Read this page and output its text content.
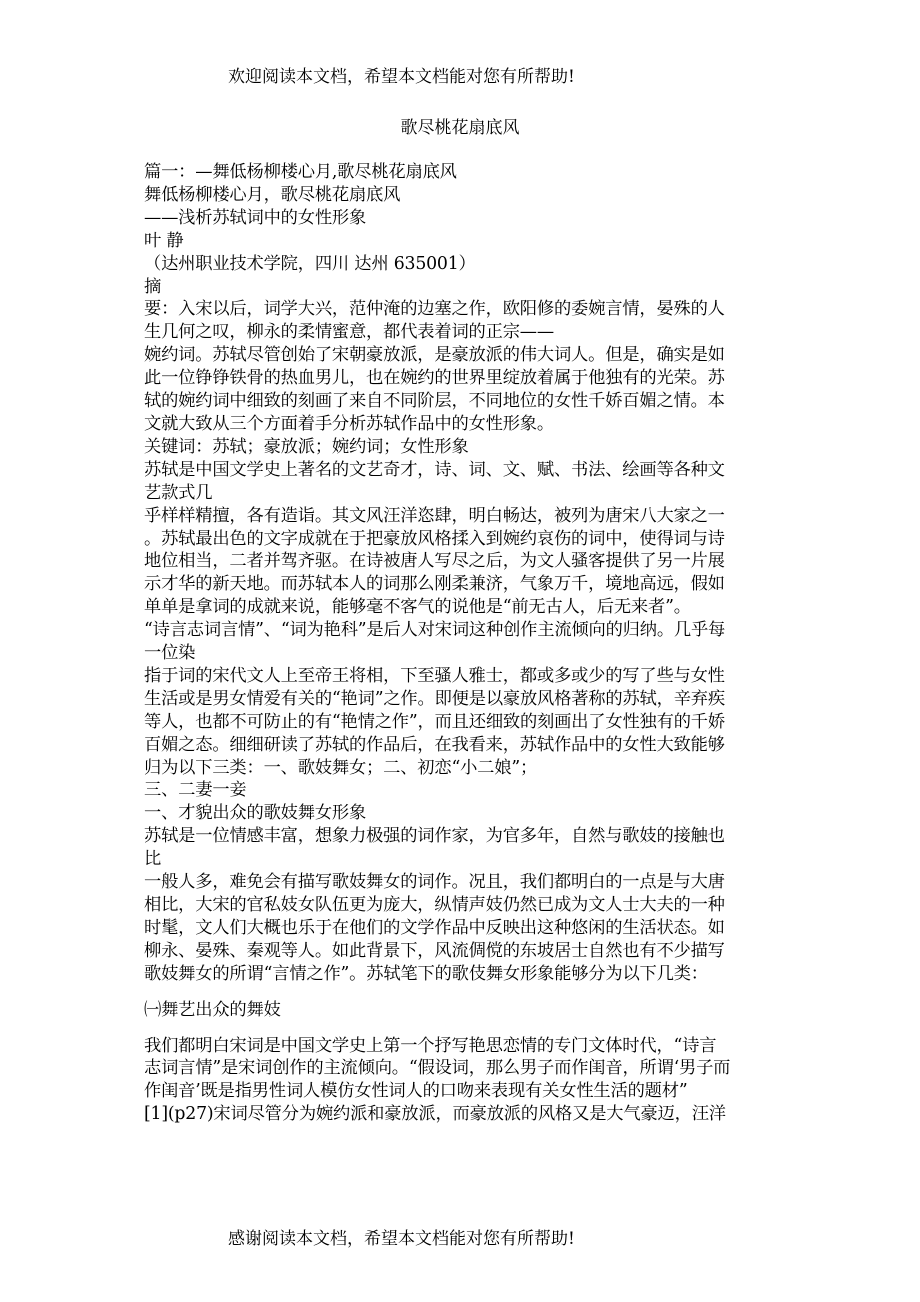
欢迎阅读本文档，希望本文档能对您有所帮助!
歌尽桃花扇底风
篇一：—舞低杨柳楼心月,歌尽桃花扇底风
舞低杨柳楼心月，歌尽桃花扇底风
——浅析苏轼词中的女性形象
叶 静
（达州职业技术学院，四川 达州 635001）
摘
要：入宋以后，词学大兴，范仲淹的边塞之作，欧阳修的委婉言情，晏殊的人
生几何之叹，柳永的柔情蜜意，都代表着词的正宗——
婉约词。苏轼尽管创始了宋朝豪放派，是豪放派的伟大词人。但是，确实是如
此一位铮铮铁骨的热血男儿，也在婉约的世界里绽放着属于他独有的光荣。苏
轼的婉约词中细致的刻画了来自不同阶层，不同地位的女性千娇百媚之情。本
文就大致从三个方面着手分析苏轼作品中的女性形象。
关键词：苏轼；豪放派；婉约词；女性形象
苏轼是中国文学史上著名的文艺奇才，诗、词、文、赋、书法、绘画等各种文
艺款式几
乎样样精擅，各有造诣。其文风汪洋恣肆，明白畅达，被列为唐宋八大家之一
。苏轼最出色的文字成就在于把豪放风格揉入到婉约哀伤的词中，使得词与诗
地位相当，二者并驾齐驱。在诗被唐人写尽之后，为文人骚客提供了另一片展
示才华的新天地。而苏轼本人的词那么刚柔兼济，气象万千，境地高远，假如
单单是拿词的成就来说，能够毫不客气的说他是“前无古人，后无来者”。
“诗言志词言情”、“词为艳科”是后人对宋词这种创作主流倾向的归纳。几乎每
一位染
指于词的宋代文人上至帝王将相，下至骚人雅士，都或多或少的写了些与女性
生活或是男女情爱有关的“艳词”之作。即便是以豪放风格著称的苏轼，辛弃疾
等人，也都不可防止的有“艳情之作”，而且还细致的刻画出了女性独有的千娇
百媚之态。细细研读了苏轼的作品后，在我看来，苏轼作品中的女性大致能够
归为以下三类：一、歌妓舞女；二、初恋“小二娘”；
三、二妻一妾
一、才貌出众的歌妓舞女形象
苏轼是一位情感丰富，想象力极强的词作家，为官多年，自然与歌妓的接触也
比
一般人多，难免会有描写歌妓舞女的词作。况且，我们都明白的一点是与大唐
相比，大宋的官私妓女队伍更为庞大，纵情声妓仍然已成为文人士大夫的一种
时髦，文人们大概也乐于在他们的文学作品中反映出这种悠闲的生活状态。如
柳永、晏殊、秦观等人。如此背景下，风流倜傥的东坡居士自然也有不少描写
歌妓舞女的所谓“言情之作”。苏轼笔下的歌伎舞女形象能够分为以下几类：
㈠舞艺出众的舞妓
我们都明白宋词是中国文学史上第一个抒写艳思恋情的专门文体时代，“诗言
志词言情”是宋词创作的主流倾向。“假设词，那么男子而作闺音，所谓‘男子而
作闺音’既是指男性词人模仿女性词人的口吻来表现有关女性生活的题材”
[1](p27)宋词尽管分为婉约派和豪放派，而豪放派的风格又是大气豪迈，汪洋
感谢阅读本文档，希望本文档能对您有所帮助!
